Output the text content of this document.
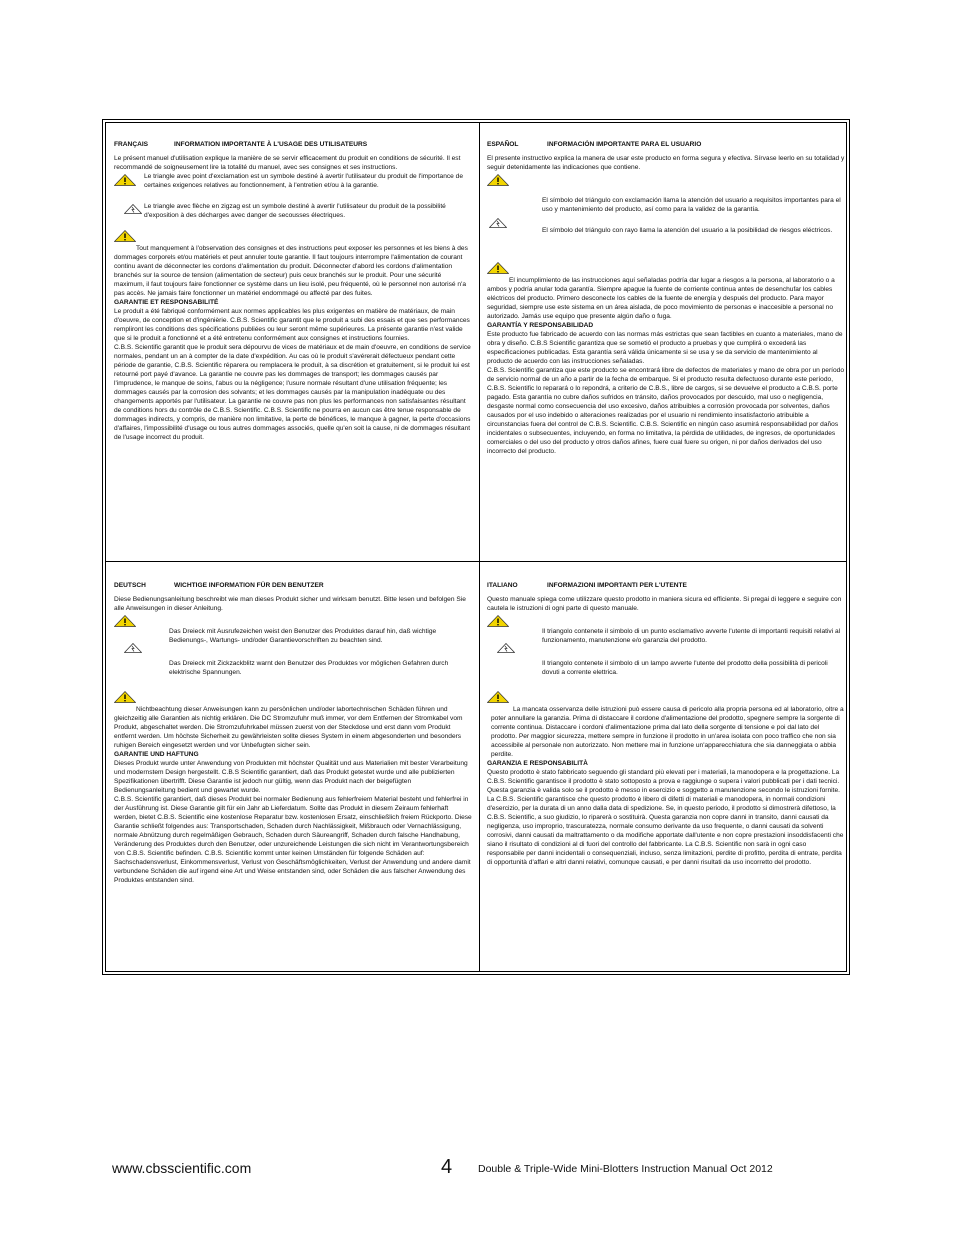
FRANÇAIS	INFORMATION IMPORTANTE À L'USAGE DES UTILISATEURS

Le présent manuel d'utilisation explique la manière de se servir efficacement du produit en conditions de sécurité. Il est recommandé de soigneusement lire la totalité du manuel, avec ses consignes et ses instructions.

Le triangle avec point d'exclamation est un symbole destiné à avertir l'utilisateur du produit de l'importance de certaines exigences relatives au fonctionnement, à l'entretien et/ou à la garantie.
Le triangle avec flèche en zigzag est un symbole destiné à avertir l'utilisateur du produit de la possibilité d'exposition à des décharges avec danger de secousses électriques.

Tout manquement à l'observation des consignes et des instructions peut exposer les personnes et les biens à des dommages corporels et/ou matériels et peut annuler toute garantie. Il faut toujours interrompre l'alimentation de courant continu avant de déconnecter les cordons d'alimentation du produit. Déconnecter d'abord les cordons d'alimentation branchés sur la source de tension (alimentation de secteur) puis ceux branchés sur le produit. Pour une sécurité maximum, il faut toujours faire fonctionner ce système dans un lieu isolé, peu fréquenté, où le personnel non autorisé n'a pas accès. Ne jamais faire fonctionner un matériel endommagé ou affecté par des fuites.

GARANTIE ET RESPONSABILITÉ

Le produit a été fabriqué conformément aux normes applicables les plus exigentes en matière de matériaux, de main d'oeuvre, de conception et d'ingénièrie. C.B.S. Scientific garantit que le produit a subi des essais et que ses performances rempliront les conditions des spécifications publiées ou leur seront même supérieures. La présente garantie n'est valide que si le produit a fonctionné et a été entretenu conformément aux consignes et instructions fournies.

C.B.S. Scientific garantit que le produit sera dépourvu de vices de matériaux et de main d'oeuvre, en conditions de service normales, pendant un an à compter de la date d'expédition. Au cas où le produit s'avérerait défectueux pendant cette période de garantie, C.B.S. Scientific réparera ou remplacera le produit, à sa discrétion et gratuitement, si le produit lui est retourné port payé d'avance. La garantie ne couvre pas les dommages de transport; les dommages causés par l'imprudence, le manque de soins, l'abus ou la négligence; l'usure normale résultant d'une utilisation fréquente; les dommages causés par la corrosion des solvants; et les dommages causés par la manipulation inadéquate ou des changements apportés par l'utilisateur. La garantie ne couvre pas non plus les performances non satisfaisantes résultant de conditions hors du contrôle de C.B.S. Scientific. C.B.S. Scientific ne pourra en aucun cas être tenue responsable de dommages indirects, y compris, de manière non limitative, la perte de bénéfices, le manque à gagner, la perte d'occasions d'affaires, l'impossibilité d'usage ou tous autres dommages associés, quelle qu'en soit la cause, ni de dommages résultant de l'usage incorrect du produit.

ESPAÑOL	INFORMACIÓN IMPORTANTE PARA EL USUARIO

El presente instructivo explica la manera de usar este producto en forma segura y efectiva. Sírvase leerlo en su totalidad y seguir detenidamente las indicaciones que contiene.

El símbolo del triángulo con exclamación llama la atención del usuario a requisitos importantes para el uso y mantenimiento del producto, así como para la validez de la garantía.
El símbolo del triángulo con rayo llama la atención del usuario a la posibilidad de riesgos eléctricos.

El incumplimiento de las instrucciones aquí señaladas podría dar lugar a riesgos a la persona, al laboratorio o a ambos y podría anular toda garantía. Siempre apague la fuente de corriente continua antes de desenchufar los cables eléctricos del producto. Primero desconecte los cables de la fuente de energía y después del producto. Para mayor seguridad, siempre use este sistema en un área aislada, de poco movimiento de personas e inaccesible a personal no autorizado. Jamás use equipo que presente algún daño o fuga.

GARANTÍA Y RESPONSABILIDAD

Este producto fue fabricado de acuerdo con las normas más estrictas que sean factibles en cuanto a materiales, mano de obra y diseño. C.B.S Scientific garantiza que se sometió el producto a pruebas y que cumplirá o excederá las especificaciones publicadas. Esta garantía será válida únicamente si se usa y se da servicio de mantenimiento al producto de acuerdo con las instrucciones señaladas.

C.B.S. Scientific garantiza que este producto se encontrará libre de defectos de materiales y mano de obra por un período de servicio normal de un año a partir de la fecha de embarque. Si el producto resulta defectuoso durante este período, C.B.S. Scientific lo reparará o lo repondrá, a criterio de C.B.S., libre de cargos, si se devuelve el producto a C.B.S. porte pagado. Esta garantía no cubre daños sufridos en tránsito, daños provocados por descuido, mal uso o negligencia, desgaste normal como consecuencia del uso excesivo, daños atribuibles a corrosión provocada por solventes, daños causados por el uso indebido o alteraciones realizadas por el usuario ni rendimiento insatisfactorio atribuible a circunstancias fuera del control de C.B.S. Scientific. C.B.S. Scientific en ningún caso asumirá responsabilidad por daños incidentales o subsecuentes, incluyendo, en forma no limitativa, la pérdida de utilidades, de ingresos, de oportunidades comerciales o del uso del producto y otros daños afines, fuere cual fuere su origen, ni por daños derivados del uso incorrecto del producto.

DEUTSCH	WICHTIGE INFORMATION FÜR DEN BENUTZER

Diese Bedienungsanleitung beschreibt wie man dieses Produkt sicher und wirksam benutzt. Bitte lesen und befolgen Sie alle Anweisungen in dieser Anleitung.

Das Dreieck mit Ausrufezeichen weist den Benutzer des Produktes darauf hin, daß wichtige Bedienungs-, Wartungs- und/oder Garantievorschriften zu beachten sind.
Das Dreieck mit Zickzackblitz warnt den Benutzer des Produktes vor möglichen Gefahren durch elektrische Spannungen.

Nichtbeachtung dieser Anweisungen kann zu persönlichen und/oder labortechnischen Schäden führen und gleichzeitig alle Garantien als nichtig erklären. Die DC Stromzufuhr muß immer, vor dem Entfernen der Stromkabel vom Produkt, abgeschaltet werden. Die Stromzufuhrkabel müssen zuerst von der Steckdose und erst dann vom Produkt entfernt werden. Um höchste Sicherheit zu gewährleisten sollte dieses System in einem abgesonderten und besonders ruhigen Bereich eingesetzt werden und vor Unbefugten sicher sein.

GARANTIE UND HAFTUNG

Dieses Produkt wurde unter Anwendung von Produkten mit höchster Qualität und aus Materialien mit bester Verarbeitung und modernstem Design hergestellt. C.B.S Scientific garantiert, daß das Produkt getestet wurde und alle publizierten Spezifikationen übertrifft. Diese Garantie ist jedoch nur gültig, wenn das Produkt nach der beigefügten Bedienungsanleitung bedient und gewartet wurde.

C.B.S. Scientific garantiert, daß dieses Produkt bei normaler Bedienung aus fehlerfreiem Material besteht und fehlerfrei in der Ausführung ist. Diese Garantie gilt für ein Jahr ab Lieferdatum. Sollte das Produkt in diesem Zeiraum fehlerhaft werden, bietet C.B.S. Scientific eine kostenlose Reparatur bzw. kostenlosen Ersatz, einschließlich freiem Rückporto. Diese Garantie schließt folgendes aus: Transportschaden, Schaden durch Nachlässigkeit, Mißbrauch oder Vernachlässigung, normale Abnützung durch regelmäßigen Gebrauch, Schaden durch Säureangriff, Schaden durch falsche Handhabung, Veränderung des Produktes durch den Benutzer, oder unzureichende Leistungen die sich nicht im Verantwortungsbereich von C.B.S. Scientific befinden. C.B.S. Scientific kommt unter keinen Umständen für folgende Schäden auf: Sachschadensverlust, Einkommensverlust, Verlust von Geschäftsmöglichkeiten, Verlust der Anwendung und andere damit verbundene Schäden die auf irgend eine Art und Weise entstanden sind, oder Schäden die aus falscher Anwendung des Produktes entstanden sind.

ITALIANO	INFORMAZIONI IMPORTANTI PER L'UTENTE

Questo manuale spiega come utilizzare questo prodotto in maniera sicura ed efficiente. Si pregai di leggere e seguire con cautela le istruzioni di ogni parte di questo manuale.

Il triangolo contenete il simbolo di un punto esclamativo avverte l'utente di importanti requisiti relativi al funzionamento, manutenzione e/o garanzia del prodotto.
Il triangolo contenete il simbolo di un lampo avverte l'utente del prodotto della possibilità di pericoli dovuti a corrente elettrica.

La mancata osservanza delle istruzioni può essere causa di pericolo alla propria persona ed al laboratorio, oltre a poter annullare la garanzia. Prima di distaccare il cordone d'alimentazione del prodotto, spegnere sempre la sorgente di corrente continua. Distaccare i cordoni d'alimentazione prima dal lato della sorgente di tensione e poi dal lato del prodotto. Per maggior sicurezza, mettere sempre in funzione il prodotto in un'area isolata con poco traffico che non sia accessibile al personale non autorizzato. Non mettere mai in funzione un'apparecchiatura che sia danneggiata o abbia perdite.

GARANZIA E RESPONSABILITÀ

Questo prodotto è stato fabbricato seguendo gli standard più elevati per i materiali, la manodopera e la progettazione. La C.B.S. Scientific garantisce il prodotto è stato sottoposto a prova e raggiunge o supera i valori pubblicati per i dati tecnici. Questa garanzia è valida solo se il prodotto è messo in esercizio e soggetto a manutenzione secondo le istruzioni fornite.

La C.B.S. Scientific garantisce che questo prodotto è libero di difetti di materiali e manodopera, in normali condizioni d'esercizio, per la durata di un anno dalla data di spedizione. Se, in questo periodo, il prodotto si dimostrerà difettoso, la C.B.S. Scientific, a suo giudizio, lo riparerà o sostituirà. Questa garanzia non copre danni in transito, danni causati da negligenza, uso improprio, trascuratezza, normale consumo derivante da uso frequente, o danni causati da solventi corrosivi, danni causati da maltrattamento o da modifiche apportate dall'utente e non copre prestazioni insoddisfacenti che siano il risultato di condizioni al di fuori del controllo del fabbricante. La C.B.S. Scientific non sarà in ogni caso responsabile per danni incidentali o consequenziali, incluso, senza limitazioni, perdite di profitto, perdita di entrate, perdita di opportunità d'affari e altri danni relativi, comunque causati, e per danni risultati da uso incorretto del prodotto.

www.cbsscientific.com	4 Double & Triple-Wide Mini-Blotters Instruction Manual Oct 2012
